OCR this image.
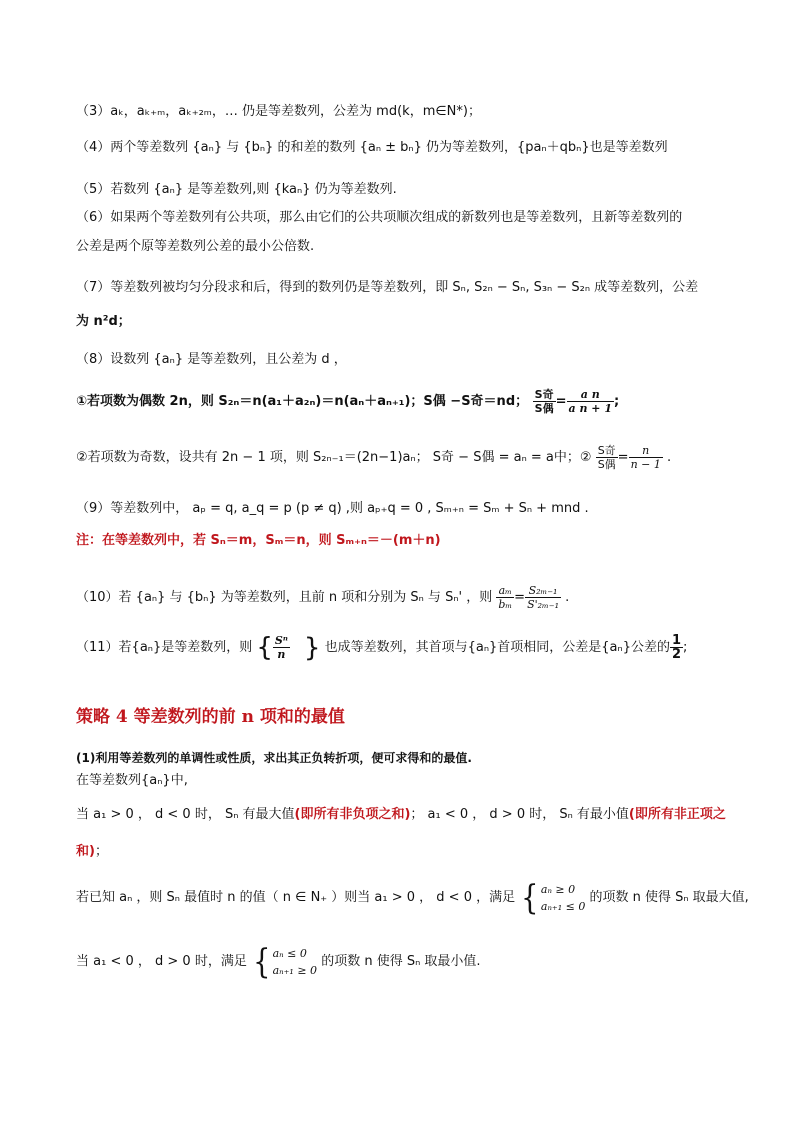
（3）aₖ，aₖ₊ₘ，aₖ₊₂ₘ，… 仍是等差数列，公差为 md(k，m∈N*)；
（4）两个等差数列 {aₙ} 与 {bₙ} 的和差的数列 {aₙ ± bₙ} 仍为等差数列，{paₙ＋qbₙ}也是等差数列
（5）若数列 {aₙ} 是等差数列,则 {kaₙ} 仍为等差数列.
（6）如果两个等差数列有公共项，那么由它们的公共项顺次组成的新数列也是等差数列，且新等差数列的
公差是两个原等差数列公差的最小公倍数.
（7）等差数列被均匀分段求和后，得到的数列仍是等差数列，即 Sₙ, S₂ₙ − Sₙ, S₃ₙ − S₂ₙ 成等差数列，公差
为 n²d；
（8）设数列 {aₙ} 是等差数列，且公差为 d ，
①若项数为偶数 2n，则 S₂ₙ＝n(a₁＋a₂ₙ)＝n(aₙ＋aₙ₊₁)；S偶 −S奇＝nd； $\frac{\text{S奇}}{\text{S偶}} = \frac{\text{a n}}{\text{a n + 1}}$ ;
②若项数为奇数，设共有 2n − 1 项，则 S₂ₙ₋₁＝(2n−1)aₙ； S奇 − S偶 = aₙ = a中；② $\frac{\text{S奇}}{\text{S偶}} = \frac{n}{n - 1}$ .
（9）等差数列中， aₚ = q, a_q = p (p ≠ q) ,则 aₚ₊q = 0 , Sₘ₊ₙ = Sₘ + Sₙ + mnd .
注：在等差数列中，若 Sₙ＝m，Sₘ＝n，则 Sₘ₊ₙ＝－(m＋n)
（10）若 {aₙ} 与 {bₙ} 为等差数列，且前 n 项和分别为 Sₙ 与 Sₙ' ，则 $\frac{\text{aₘ}}{\text{bₘ}} = \frac{\text{S₂ₘ₋₁}}{\text{S'₂ₘ₋₁}}$ .
（11）若{aₙ}是等差数列，则 { $\frac{\text{Sⁿ}}{n}$ } 也成等差数列，其首项与{aₙ}首项相同，公差是{aₙ}公差的 $\frac{1}{2}$ ;
策略 4 等差数列的前 n 项和的最值
(1)利用等差数列的单调性或性质，求出其正负转折项，便可求得和的最值.
在等差数列{aₙ}中,
当 a₁ > 0 ， d < 0 时， Sₙ 有最大值(即所有非负项之和)； a₁ < 0 ， d > 0 时， Sₙ 有最小值(即所有非正项之
和)；
若已知 aₙ ，则 Sₙ 最值时 n 的值（ n ∈ N₊ ）则当 a₁ > 0 ， d < 0 ，满足 { aₙ ≥ 0
aₙ₊₁ ≤ 0
的项数 n 使得 Sₙ 取最大值,
当 a₁ < 0 ， d > 0 时，满足 { aₙ ≤ 0
aₙ₊₁ ≥ 0
的项数 n 使得 Sₙ 取最小值.
